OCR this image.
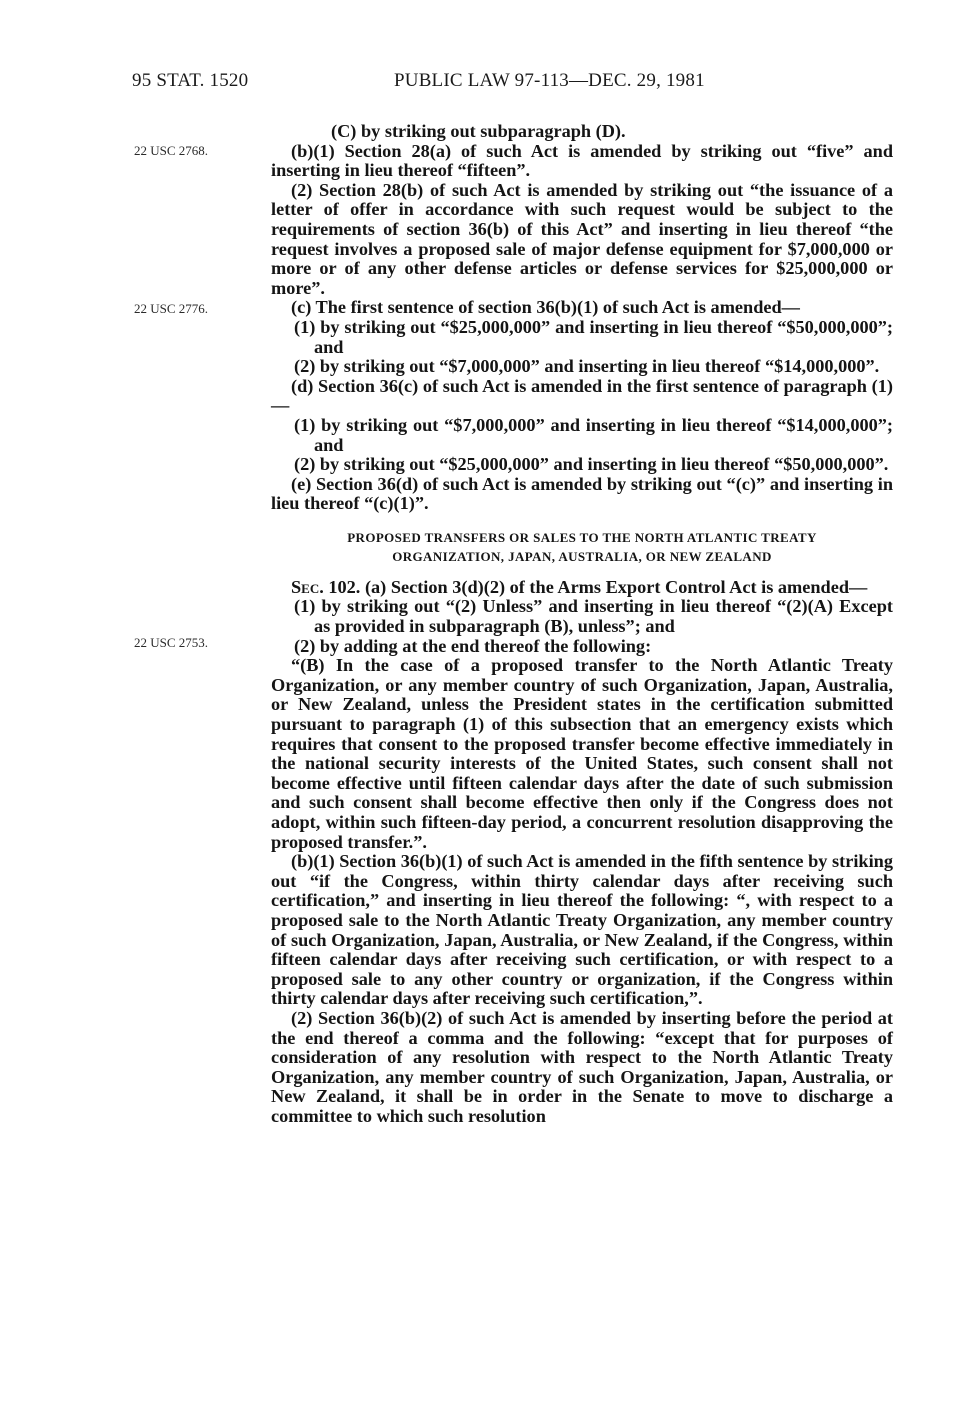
95 STAT. 1520	PUBLIC LAW 97-113—DEC. 29, 1981
22 USC 2768.
22 USC 2776.
22 USC 2753.

(C) by striking out subparagraph (D).

(b)(1) Section 28(a) of such Act is amended by striking out “five” and inserting in lieu thereof “fifteen”.

(2) Section 28(b) of such Act is amended by striking out “the issuance of a letter of offer in accordance with such request would be subject to the requirements of section 36(b) of this Act” and inserting in lieu thereof “the request involves a proposed sale of major defense equipment for $7,000,000 or more or of any other defense articles or defense services for $25,000,000 or more”.

(c) The first sentence of section 36(b)(1) of such Act is amended—

(1) by striking out “$25,000,000” and inserting in lieu thereof “$50,000,000”; and

(2) by striking out “$7,000,000” and inserting in lieu thereof “$14,000,000”.

(d) Section 36(c) of such Act is amended in the first sentence of paragraph (1)—

(1) by striking out “$7,000,000” and inserting in lieu thereof “$14,000,000”; and

(2) by striking out “$25,000,000” and inserting in lieu thereof “$50,000,000”.

(e) Section 36(d) of such Act is amended by striking out “(c)” and inserting in lieu thereof “(c)(1)”.

PROPOSED TRANSFERS OR SALES TO THE NORTH ATLANTIC TREATY
ORGANIZATION, JAPAN, AUSTRALIA, OR NEW ZEALAND

Sec. 102. (a) Section 3(d)(2) of the Arms Export Control Act is amended—

(1) by striking out “(2) Unless” and inserting in lieu thereof “(2)(A) Except as provided in subparagraph (B), unless”; and

(2) by adding at the end thereof the following:

“(B) In the case of a proposed transfer to the North Atlantic Treaty Organization, or any member country of such Organization, Japan, Australia, or New Zealand, unless the President states in the certification submitted pursuant to paragraph (1) of this subsection that an emergency exists which requires that consent to the proposed transfer become effective immediately in the national security interests of the United States, such consent shall not become effective until fifteen calendar days after the date of such submission and such consent shall become effective then only if the Congress does not adopt, within such fifteen-day period, a concurrent resolution disapproving the proposed transfer.”.

(b)(1) Section 36(b)(1) of such Act is amended in the fifth sentence by striking out “if the Congress, within thirty calendar days after receiving such certification,” and inserting in lieu thereof the following: “, with respect to a proposed sale to the North Atlantic Treaty Organization, any member country of such Organization, Japan, Australia, or New Zealand, if the Congress, within fifteen calendar days after receiving such certification, or with respect to a proposed sale to any other country or organization, if the Congress within thirty calendar days after receiving such certification,”.

(2) Section 36(b)(2) of such Act is amended by inserting before the period at the end thereof a comma and the following: “except that for purposes of consideration of any resolution with respect to the North Atlantic Treaty Organization, any member country of such Organization, Japan, Australia, or New Zealand, it shall be in order in the Senate to move to discharge a committee to which such resolution
